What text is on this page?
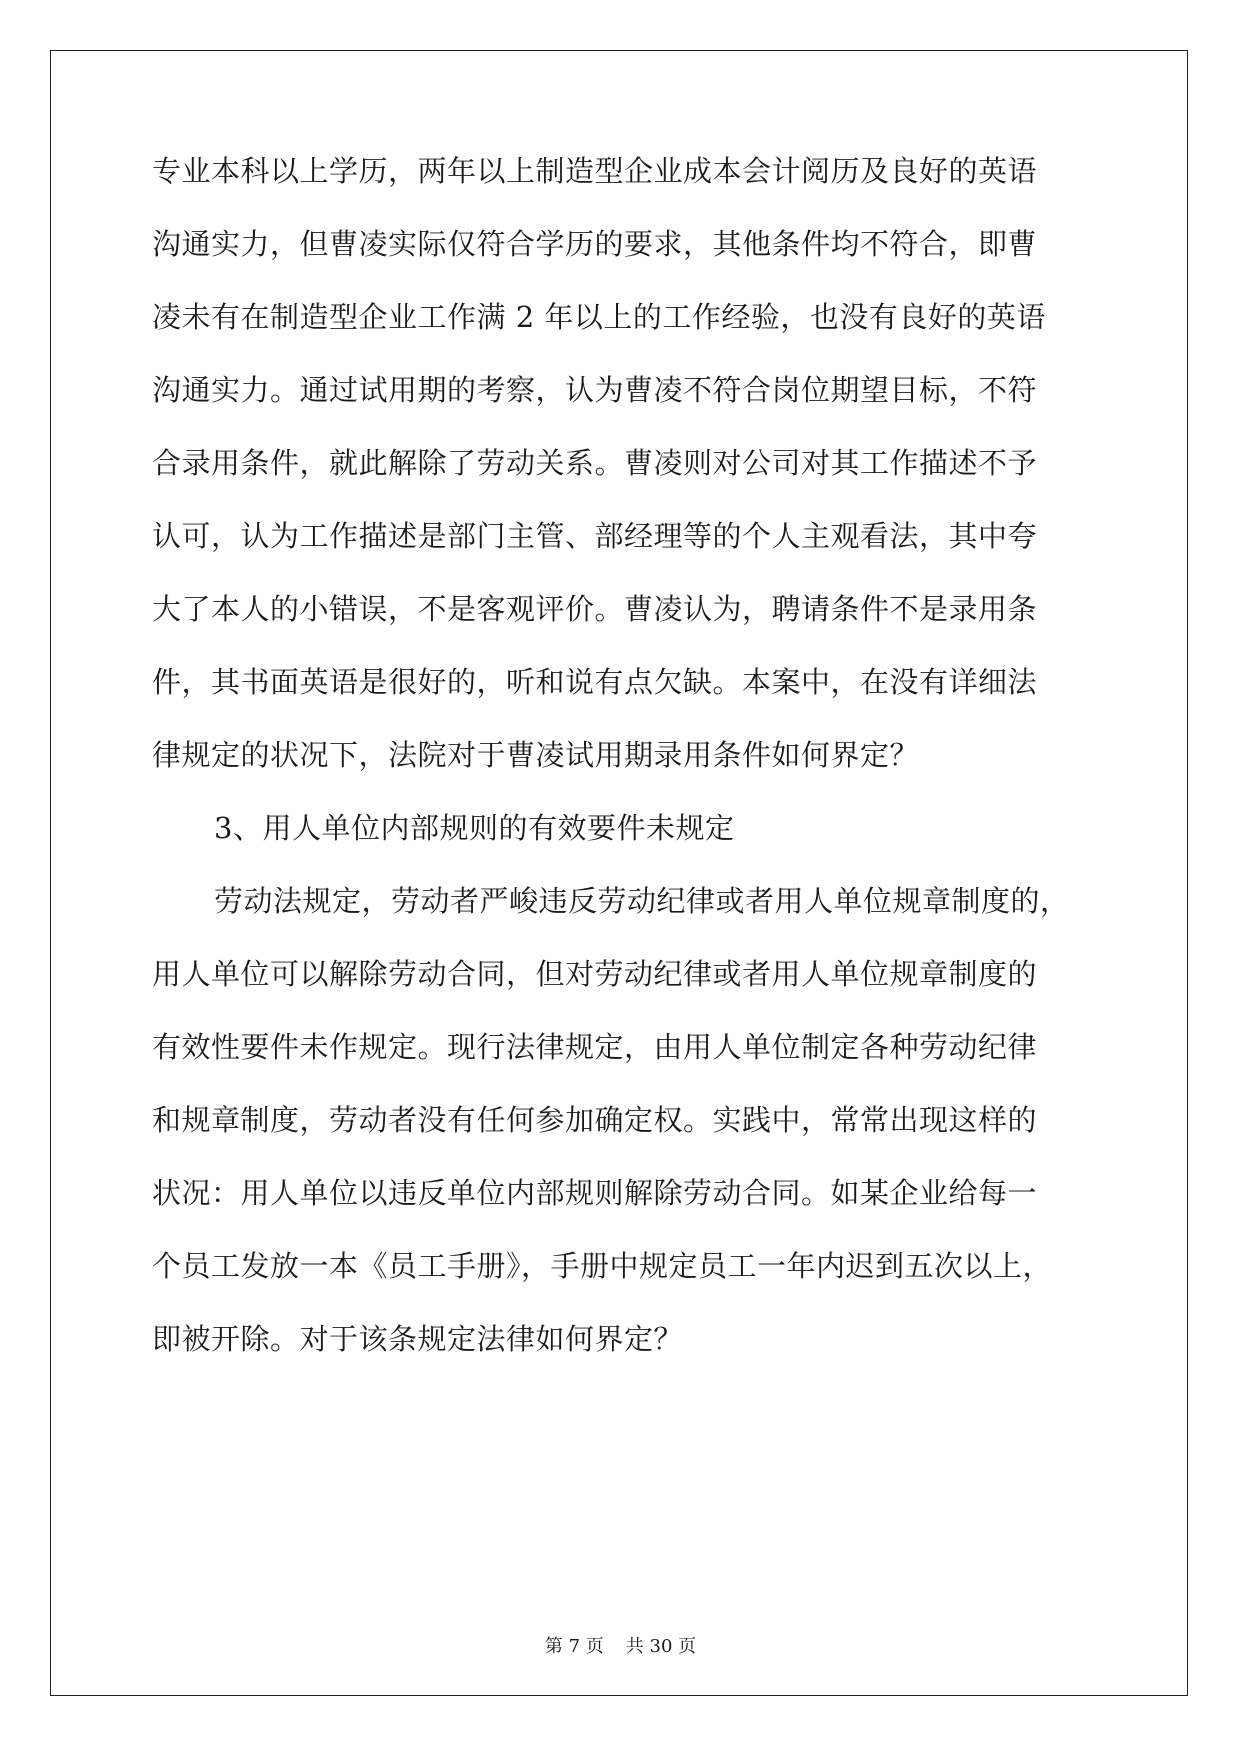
专业本科以上学历，两年以上制造型企业成本会计阅历及良好的英语
沟通实力，但曹凌实际仅符合学历的要求，其他条件均不符合，即曹
凌未有在制造型企业工作满 2 年以上的工作经验，也没有良好的英语
沟通实力。通过试用期的考察，认为曹凌不符合岗位期望目标，不符
合录用条件，就此解除了劳动关系。曹凌则对公司对其工作描述不予
认可，认为工作描述是部门主管、部经理等的个人主观看法，其中夸
大了本人的小错误，不是客观评价。曹凌认为，聘请条件不是录用条
件，其书面英语是很好的，听和说有点欠缺。本案中，在没有详细法
律规定的状况下，法院对于曹凌试用期录用条件如何界定？
3、用人单位内部规则的有效要件未规定
劳动法规定，劳动者严峻违反劳动纪律或者用人单位规章制度的，
用人单位可以解除劳动合同，但对劳动纪律或者用人单位规章制度的
有效性要件未作规定。现行法律规定，由用人单位制定各种劳动纪律
和规章制度，劳动者没有任何参加确定权。实践中，常常出现这样的
状况：用人单位以违反单位内部规则解除劳动合同。如某企业给每一
个员工发放一本《员工手册》，手册中规定员工一年内迟到五次以上，
即被开除。对于该条规定法律如何界定？
第 7 页 共 30 页
